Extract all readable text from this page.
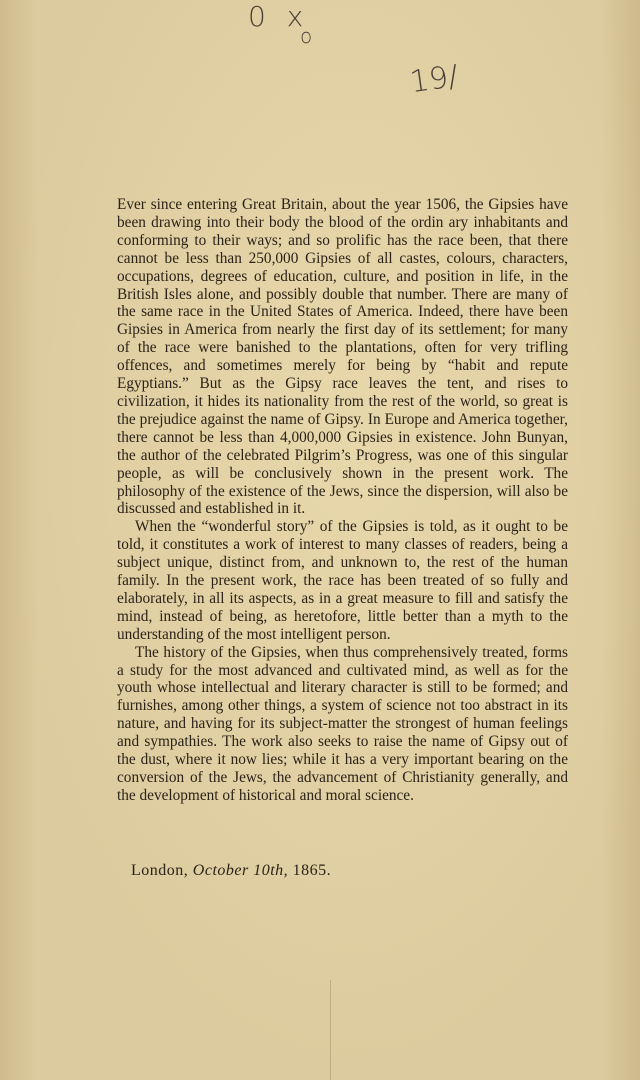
0 x
o
19/

Ever since entering Great Britain, about the year 1506, the Gipsies have been drawing into their body the blood of the ordin ary inhabitants and conforming to their ways; and so prolific has the race been, that there cannot be less than 250,000 Gipsies of all castes, colours, characters, occupations, degrees of education, culture, and position in life, in the British Isles alone, and possibly double that number. There are many of the same race in the United States of America. Indeed, there have been Gipsies in America from nearly the first day of its settlement; for many of the race were banished to the plantations, often for very trifling offences, and sometimes merely for being by “habit and repute Egyptians.” But as the Gipsy race leaves the tent, and rises to civilization, it hides its nationality from the rest of the world, so great is the prejudice against the name of Gipsy. In Europe and America together, there cannot be less than 4,000,000 Gipsies in existence. John Bunyan, the author of the celebrated Pilgrim’s Progress, was one of this singular people, as will be conclusively shown in the present work. The philosophy of the existence of the Jews, since the dispersion, will also be discussed and established in it.

When the “wonderful story” of the Gipsies is told, as it ought to be told, it constitutes a work of interest to many classes of readers, being a subject unique, distinct from, and unknown to, the rest of the human family. In the present work, the race has been treated of so fully and elaborately, in all its aspects, as in a great measure to fill and satisfy the mind, instead of being, as heretofore, little better than a myth to the understanding of the most intelligent person.

The history of the Gipsies, when thus comprehensively treated, forms a study for the most advanced and cultivated mind, as well as for the youth whose intellectual and literary character is still to be formed; and furnishes, among other things, a system of science not too abstract in its nature, and having for its subject-matter the strongest of human feelings and sympathies. The work also seeks to raise the name of Gipsy out of the dust, where it now lies; while it has a very important bearing on the conversion of the Jews, the advancement of Christianity generally, and the development of historical and moral science.

London, October 10th, 1865.
